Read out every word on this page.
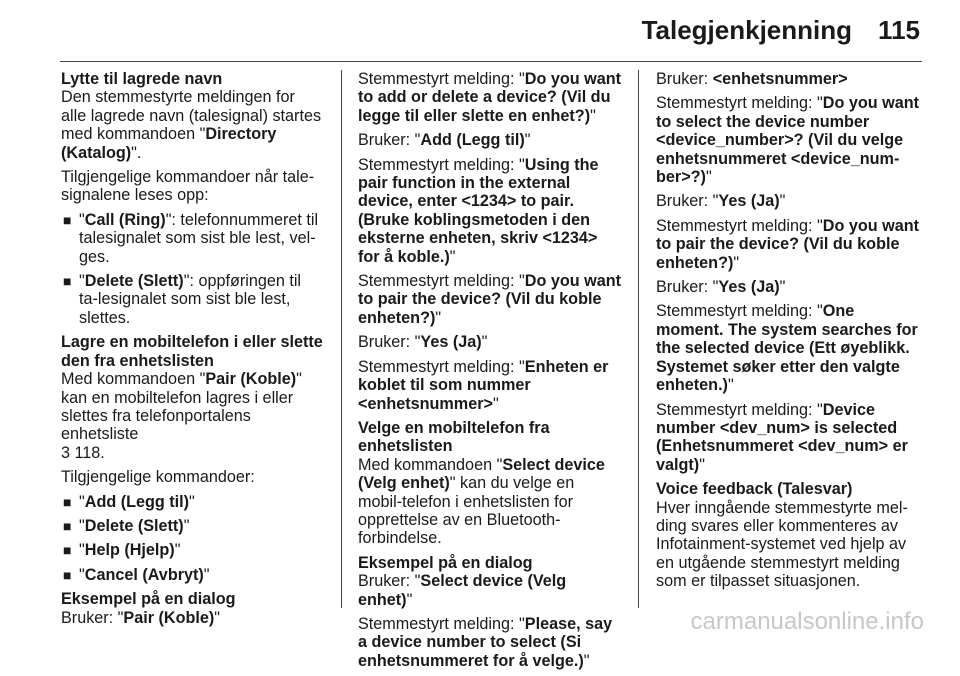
Talegjenkjenning 115
Lytte til lagrede navn
Den stemmestyrte meldingen for alle lagrede navn (talesignal) startes med kommandoen "Directory (Katalog)".
Tilgjengelige kommandoer når tale-signalene leses opp:
■ "Call (Ring)": telefonnummeret til talesignalet som sist ble lest, vel-ges.
■ "Delete (Slett)": oppføringen til ta-lesignalet som sist ble lest, slettes.
Lagre en mobiltelefon i eller slette den fra enhetslisten
Med kommandoen "Pair (Koble)" kan en mobiltelefon lagres i eller slettes fra telefonportalens enhetsliste
3 118.
Tilgjengelige kommandoer:
■ "Add (Legg til)"
■ "Delete (Slett)"
■ "Help (Hjelp)"
■ "Cancel (Avbryt)"
Eksempel på en dialog
Bruker: "Pair (Koble)"
Stemmestyrt melding: "Do you want to add or delete a device? (Vil du legge til eller slette en enhet?)"
Bruker: "Add (Legg til)"
Stemmestyrt melding: "Using the pair function in the external device, enter <1234> to pair. (Bruke koblingsmetoden i den eksterne enheten, skriv <1234> for å koble.)"
Stemmestyrt melding: "Do you want to pair the device? (Vil du koble enheten?)"
Bruker: "Yes (Ja)"
Stemmestyrt melding: "Enheten er koblet til som nummer <enhetsnummer>"
Velge en mobiltelefon fra enhetslisten
Med kommandoen "Select device (Velg enhet)" kan du velge en mobil-telefon i enhetslisten for opprettelse av en Bluetooth-forbindelse.
Eksempel på en dialog
Bruker: "Select device (Velg enhet)"
Stemmestyrt melding: "Please, say a device number to select (Si enhetsnummeret for å velge.)"
Bruker: <enhetsnummer>
Stemmestyrt melding: "Do you want to select the device number <device_number>? (Vil du velge enhetsnummeret <device_num-ber>?)"
Bruker: "Yes (Ja)"
Stemmestyrt melding: "Do you want to pair the device? (Vil du koble enheten?)"
Bruker: "Yes (Ja)"
Stemmestyrt melding: "One moment. The system searches for the selected device (Ett øyeblikk. Systemet søker etter den valgte enheten.)"
Stemmestyrt melding: "Device number <dev_num> is selected (Enhetsnummeret <dev_num> er valgt)"
Voice feedback (Talesvar)
Hver inngående stemmestyrte mel-ding svares eller kommenteres av Infotainment-systemet ved hjelp av en utgående stemmestyrt melding som er tilpasset situasjonen.
carmanualsonline.info
